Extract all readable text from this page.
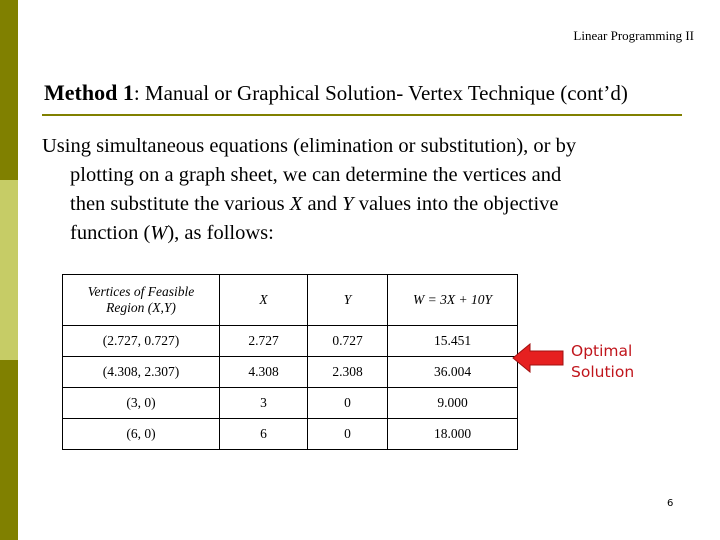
Linear Programming II
Method 1: Manual or Graphical Solution- Vertex Technique (cont’d)
Using simultaneous equations (elimination or substitution), or by
plotting on a graph sheet, we can determine the vertices and
then substitute the various X and Y values into the objective
function (W), as follows:
Vertices of Feasible
Region (X,Y)	X	Y	W = 3X + 10Y
(2.727, 0.727)	2.727	0.727	15.451
(4.308, 2.307)	4.308	2.308	36.004
(3, 0)	3	0	9.000
(6, 0)	6	0	18.000
Optimal
Solution
6
